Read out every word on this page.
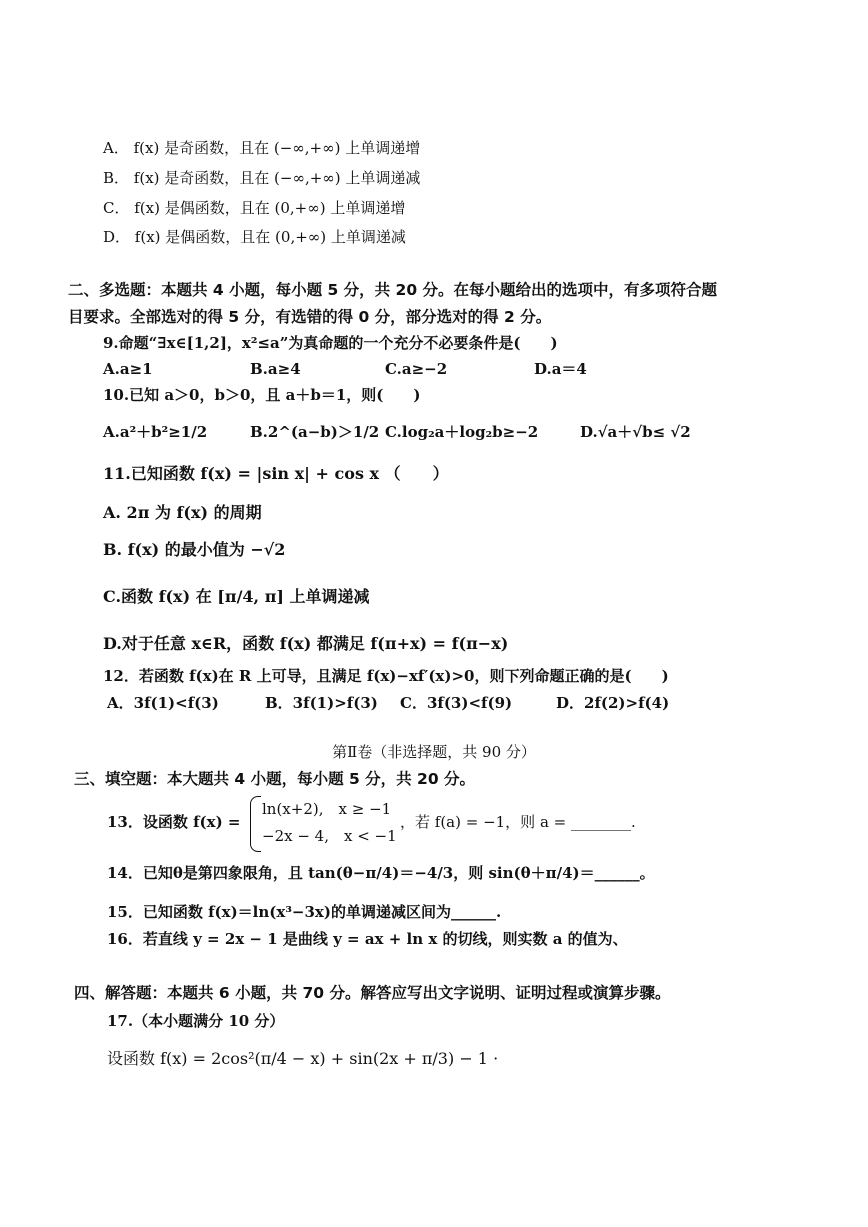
A． f(x) 是奇函数，且在 (−∞,+∞) 上单调递增
B． f(x) 是奇函数，且在 (−∞,+∞) 上单调递减
C． f(x) 是偶函数，且在 (0,+∞) 上单调递增
D． f(x) 是偶函数，且在 (0,+∞) 上单调递减
二、多选题：本题共 4 小题，每小题 5 分，共 20 分。在每小题给出的选项中，有多项符合题
目要求。全部选对的得 5 分，有选错的得 0 分，部分选对的得 2 分。
9.命题“∃x∈[1,2]，x²≤a”为真命题的一个充分不必要条件是(　　)
A.a≥1	B.a≥4	C.a≥−2	D.a＝4
10.已知 a＞0，b＞0，且 a＋b＝1，则(　　)
A.a²＋b²≥1/2	B.2^(a−b)＞1/2 C.log₂a＋log₂b≥−2	D.√a＋√b≤ √2
11.已知函数 f(x) = |sin x| + cos x （　　）
A. 2π 为 f(x) 的周期
B. f(x) 的最小值为 −√2
C.函数 f(x) 在 [π/4, π] 上单调递减
D.对于任意 x∈R，函数 f(x) 都满足 f(π+x) = f(π−x)
12．若函数 f(x)在 R 上可导，且满足 f(x)−xf′(x)>0，则下列命题正确的是(　　)
A．3f(1)<f(3)	B．3f(1)>f(3) C．3f(3)<f(9)	D．2f(2)>f(4)
第Ⅱ卷（非选择题，共 90 分）
三、填空题：本大题共 4 小题，每小题 5 分，共 20 分。
13．设函数 f(x) =
ln(x+2),　x ≥ −1
−2x − 4,　x < −1
，若 f(a) = −1，则 a = ________.
14．已知θ是第四象限角，且 tan(θ−π/4)＝−4/3，则 sin(θ＋π/4)＝______。
15．已知函数 f(x)＝ln(x³−3x)的单调递减区间为______.
16．若直线 y = 2x − 1 是曲线 y = ax + ln x 的切线，则实数 a 的值为、
四、解答题：本题共 6 小题，共 70 分。解答应写出文字说明、证明过程或演算步骤。
17.（本小题满分 10 分）
设函数 f(x) = 2cos²(π/4 − x) + sin(2x + π/3) − 1 ·
